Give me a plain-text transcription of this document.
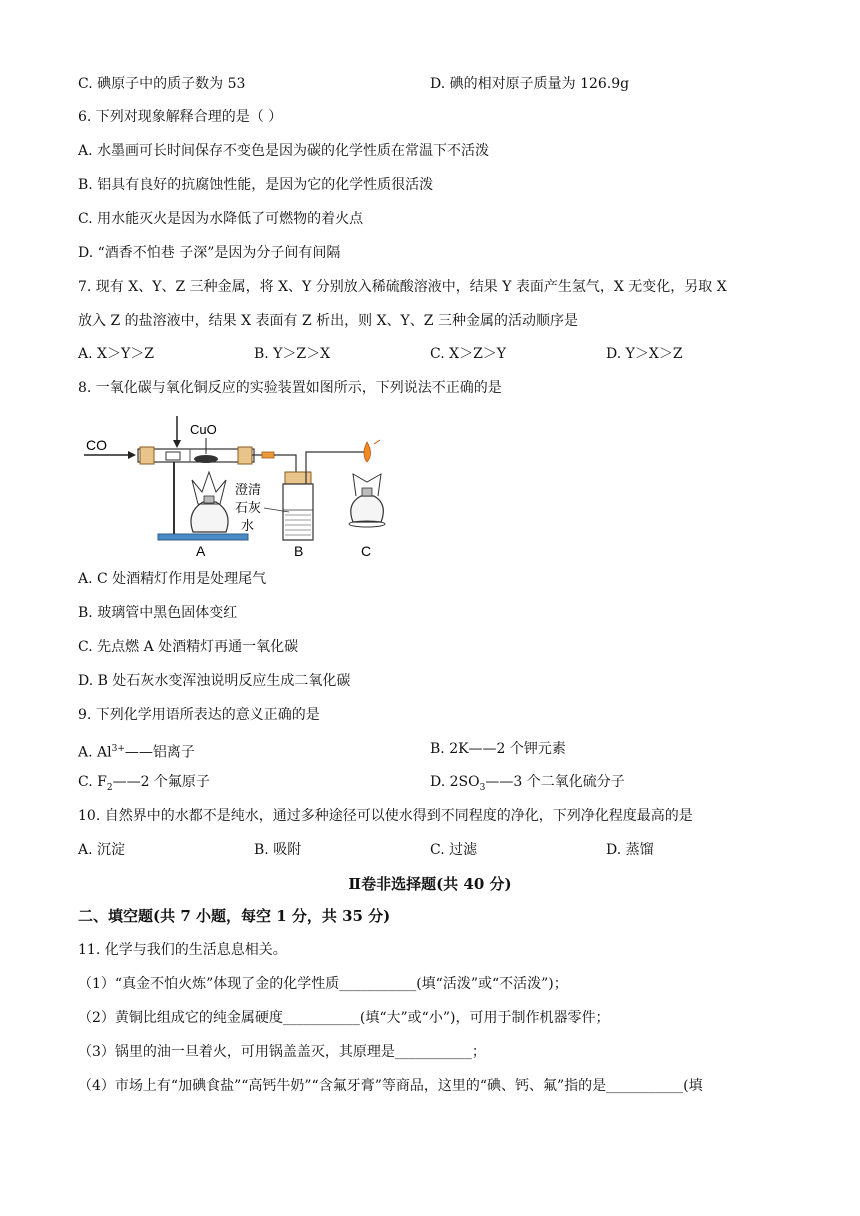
C. 碘原子中的质子数为 53	D. 碘的相对原子质量为 126.9g
6. 下列对现象解释合理的是（ ）
A. 水墨画可长时间保存不变色是因为碳的化学性质在常温下不活泼
B. 铝具有良好的抗腐蚀性能，是因为它的化学性质很活泼
C. 用水能灭火是因为水降低了可燃物的着火点
D. “酒香不怕巷 子深”是因为分子间有间隔
7. 现有 X、Y、Z 三种金属，将 X、Y 分别放入稀硫酸溶液中，结果 Y 表面产生氢气，X 无变化，另取 X
放入 Z 的盐溶液中，结果 X 表面有 Z 析出，则 X、Y、Z 三种金属的活动顺序是
A. X＞Y＞Z	B. Y＞Z＞X	C. X＞Z＞Y	D. Y＞X＞Z
8. 一氧化碳与氧化铜反应的实验装置如图所示，下列说法不正确的是
CO
CuO
澄清
石灰
水
A	B	C
A. C 处酒精灯作用是处理尾气
B. 玻璃管中黑色固体变红
C. 先点燃 A 处酒精灯再通一氧化碳
D. B 处石灰水变浑浊说明反应生成二氧化碳
9. 下列化学用语所表达的意义正确的是
A. $Al^{3+}——$铝离子	B. 2K——2 个钾元素
C. $F_2——2$ 个氟原子	D. $2SO_3——3$ 个二氧化硫分子
10. 自然界中的水都不是纯水，通过多种途径可以使水得到不同程度的净化，下列净化程度最高的是
A. 沉淀	B. 吸附	C. 过滤	D. 蒸馏
Ⅱ卷非选择题(共 40 分)
二、填空题(共 7 小题，每空 1 分，共 35 分)
11. 化学与我们的生活息息相关。
（1）“真金不怕火炼”体现了金的化学性质___________(填“活泼”或“不活泼”)；
（2）黄铜比组成它的纯金属硬度___________(填“大”或“小”)，可用于制作机器零件；
（3）锅里的油一旦着火，可用锅盖盖灭，其原理是___________；
（4）市场上有“加碘食盐”“高钙牛奶”“含氟牙膏”等商品，这里的“碘、钙、氟”指的是___________(填
